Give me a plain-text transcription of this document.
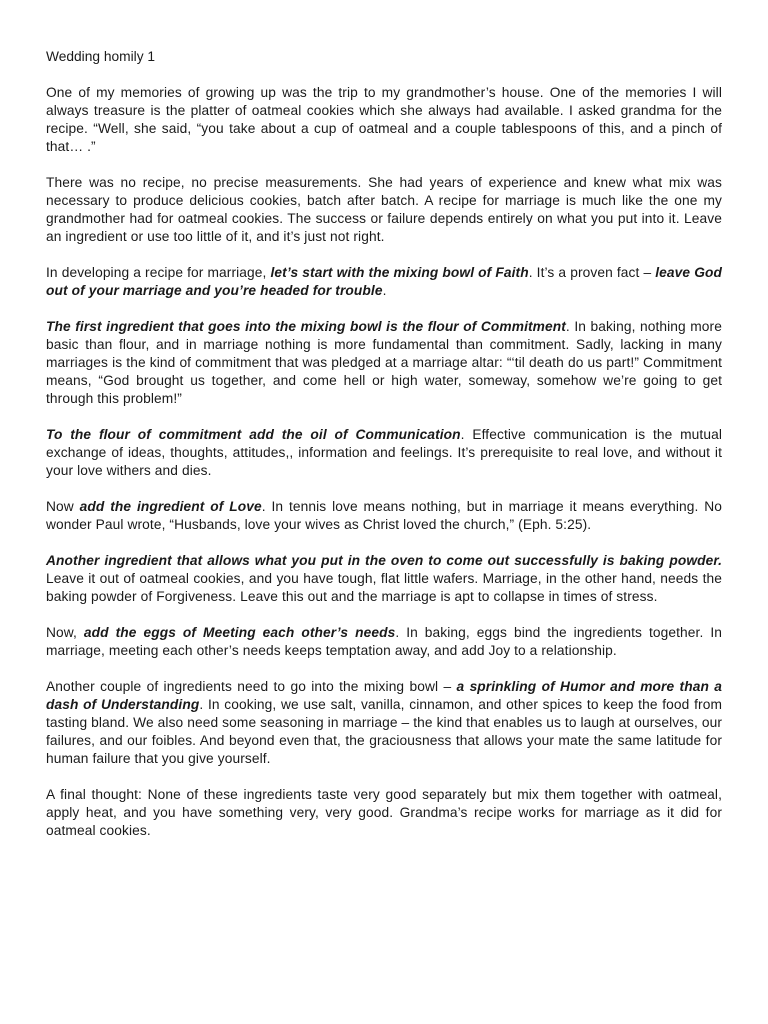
Wedding homily 1

One of my memories of growing up was the trip to my grandmother’s house. One of the memories I will always treasure is the platter of oatmeal cookies which she always had available. I asked grandma for the recipe. “Well, she said, “you take about a cup of oatmeal and a couple tablespoons of this, and a pinch of that… .”

There was no recipe, no precise measurements. She had years of experience and knew what mix was necessary to produce delicious cookies, batch after batch. A recipe for marriage is much like the one my grandmother had for oatmeal cookies. The success or failure depends entirely on what you put into it. Leave an ingredient or use too little of it, and it’s just not right.

In developing a recipe for marriage, let’s start with the mixing bowl of Faith. It’s a proven fact – leave God out of your marriage and you’re headed for trouble.

The first ingredient that goes into the mixing bowl is the flour of Commitment. In baking, nothing more basic than flour, and in marriage nothing is more fundamental than commitment. Sadly, lacking in many marriages is the kind of commitment that was pledged at a marriage altar: “‘til death do us part!” Commitment means, “God brought us together, and come hell or high water, someway, somehow we’re going to get through this problem!”

To the flour of commitment add the oil of Communication. Effective communication is the mutual exchange of ideas, thoughts, attitudes,, information and feelings. It’s prerequisite to real love, and without it your love withers and dies.

Now add the ingredient of Love. In tennis love means nothing, but in marriage it means everything. No wonder Paul wrote, “Husbands, love your wives as Christ loved the church,” (Eph. 5:25).

Another ingredient that allows what you put in the oven to come out successfully is baking powder. Leave it out of oatmeal cookies, and you have tough, flat little wafers. Marriage, in the other hand, needs the baking powder of Forgiveness. Leave this out and the marriage is apt to collapse in times of stress.

Now, add the eggs of Meeting each other’s needs. In baking, eggs bind the ingredients together. In marriage, meeting each other’s needs keeps temptation away, and add Joy to a relationship.

Another couple of ingredients need to go into the mixing bowl – a sprinkling of Humor and more than a dash of Understanding. In cooking, we use salt, vanilla, cinnamon, and other spices to keep the food from tasting bland. We also need some seasoning in marriage – the kind that enables us to laugh at ourselves, our failures, and our foibles. And beyond even that, the graciousness that allows your mate the same latitude for human failure that you give yourself.

A final thought: None of these ingredients taste very good separately but mix them together with oatmeal, apply heat, and you have something very, very good. Grandma’s recipe works for marriage as it did for oatmeal cookies.
